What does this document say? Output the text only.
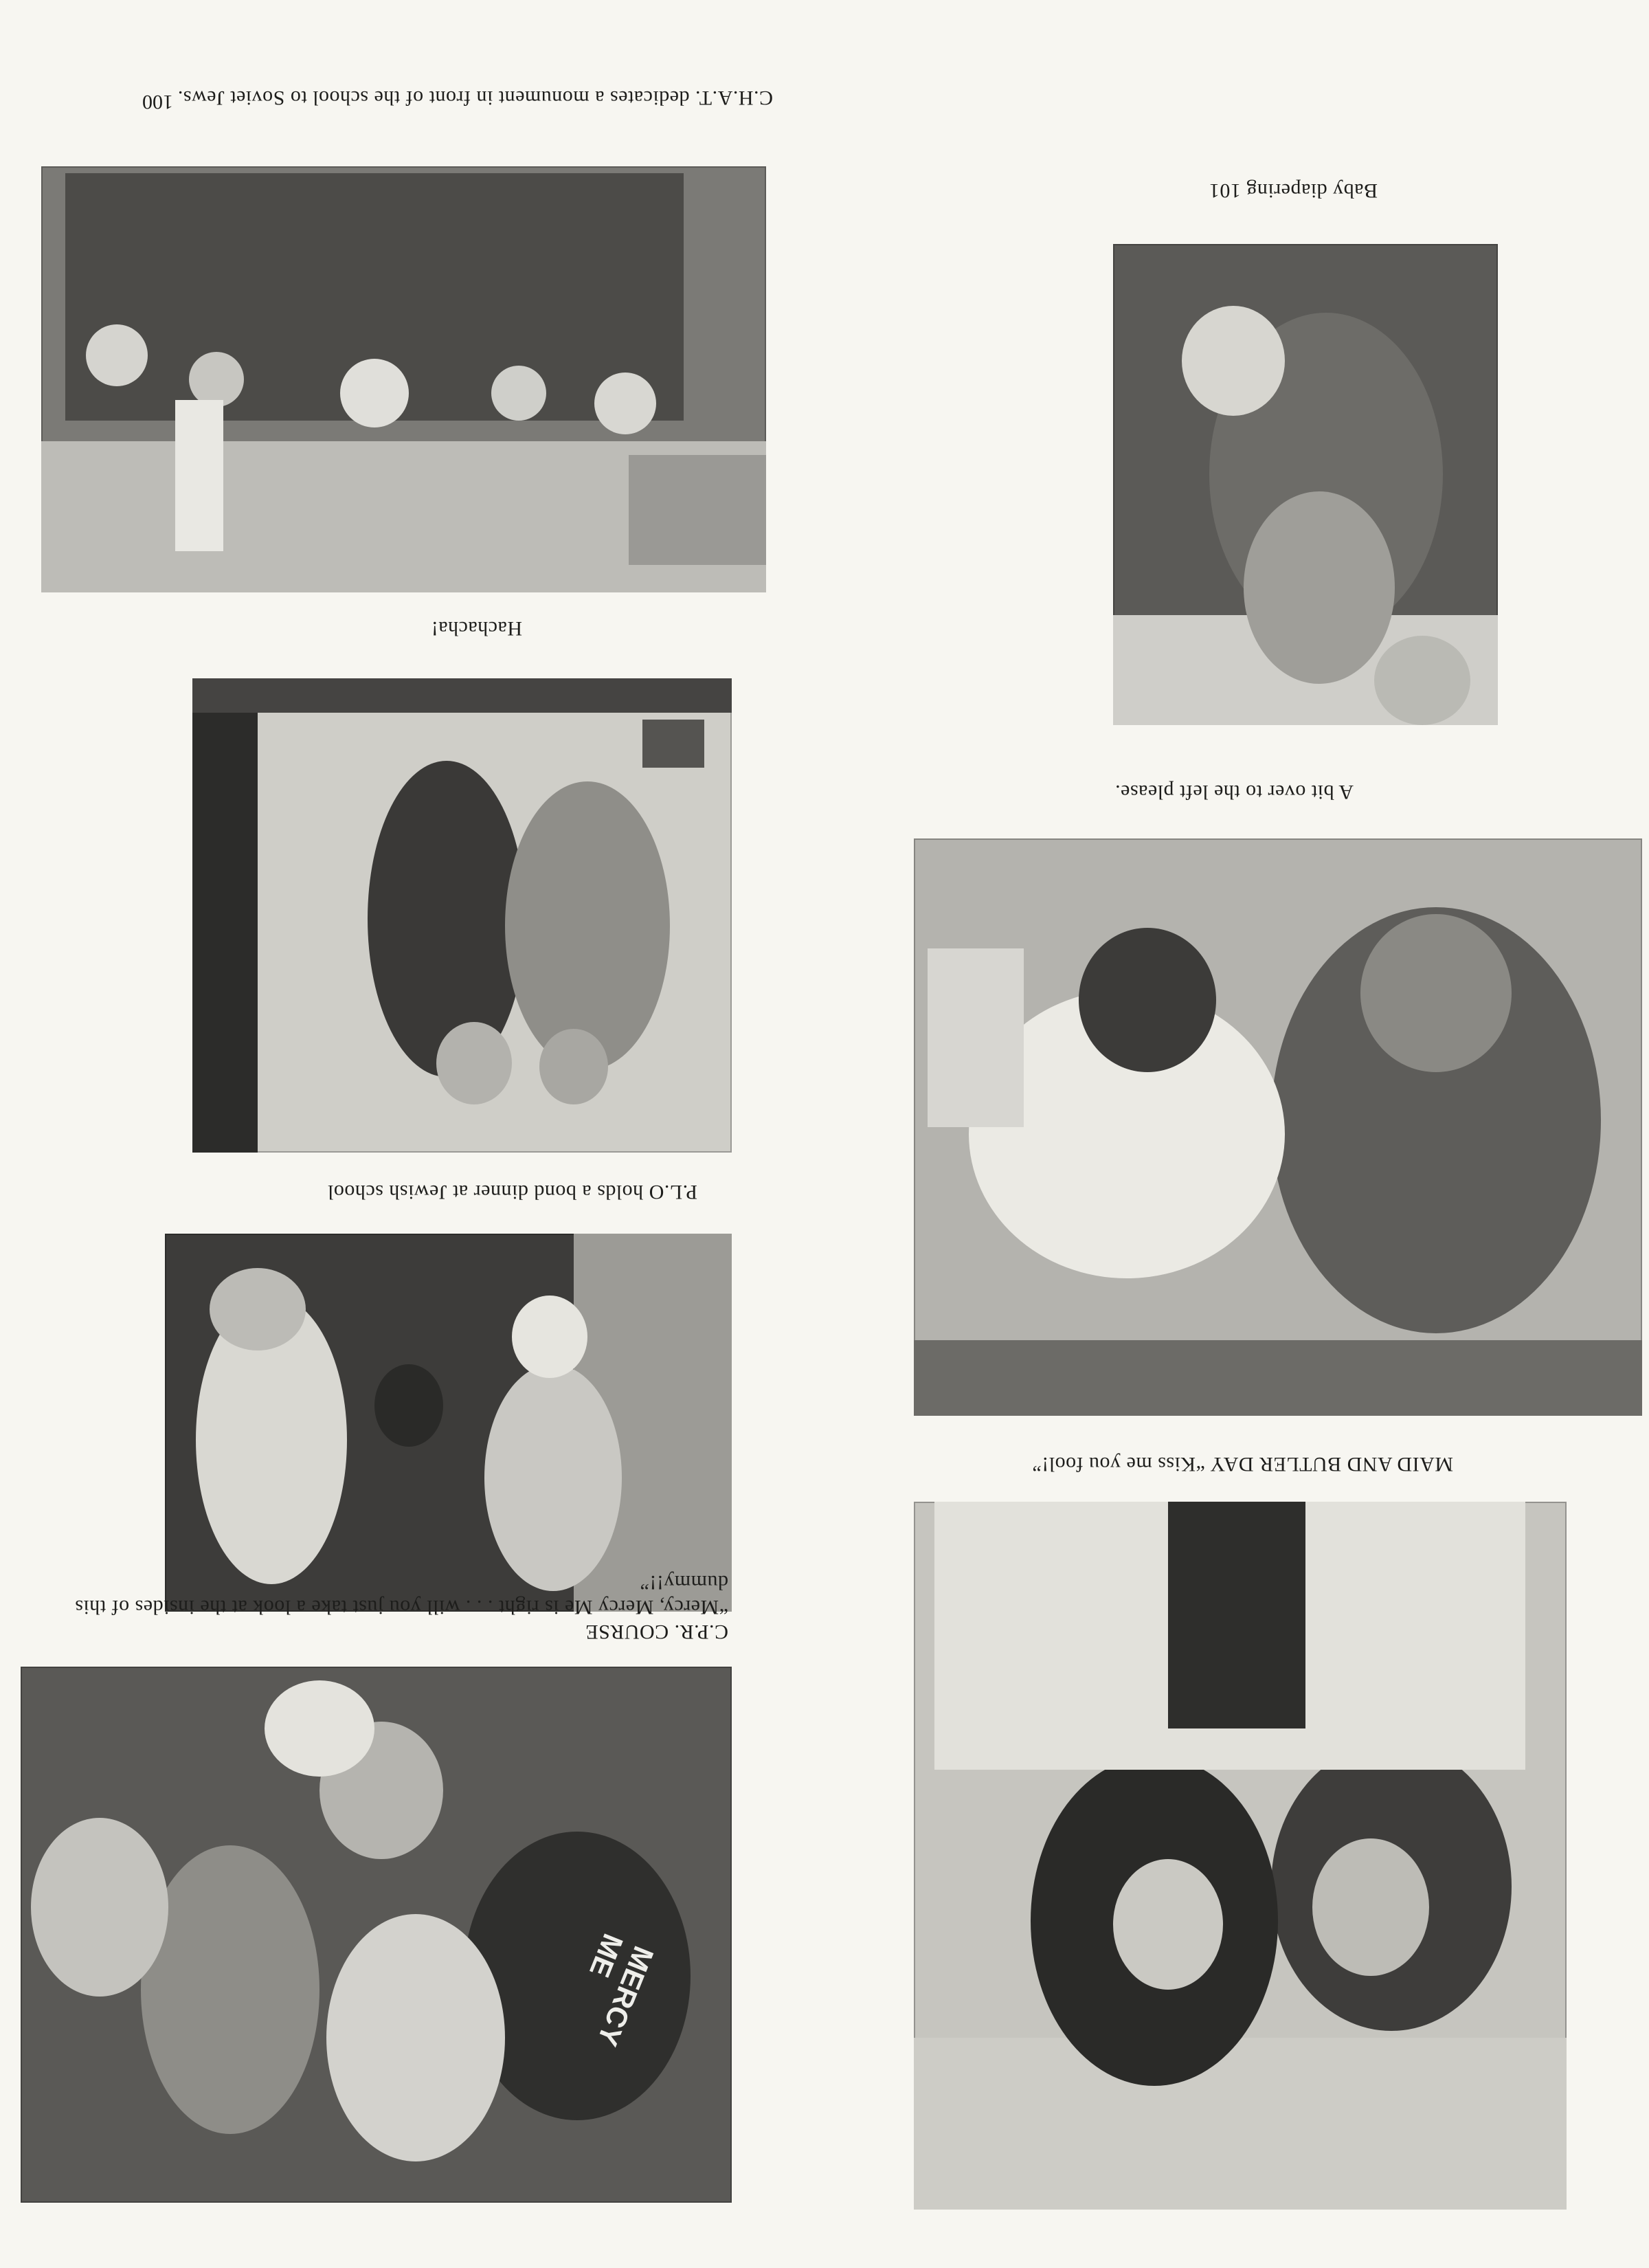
100 C.H.A.T. dedicates a monument in front of the school to Soviet Jews.
Hachacha!
P.L.O holds a bond dinner at Jewish school
MERCY ME
C.P.R. COURSE
“Mercy, Mercy Me is right . . . will you just take a look at the insides of this dummy!!”
Baby diapering 101
A bit over to the left please.
MAID AND BUTLER DAY “Kiss me you fool!”
